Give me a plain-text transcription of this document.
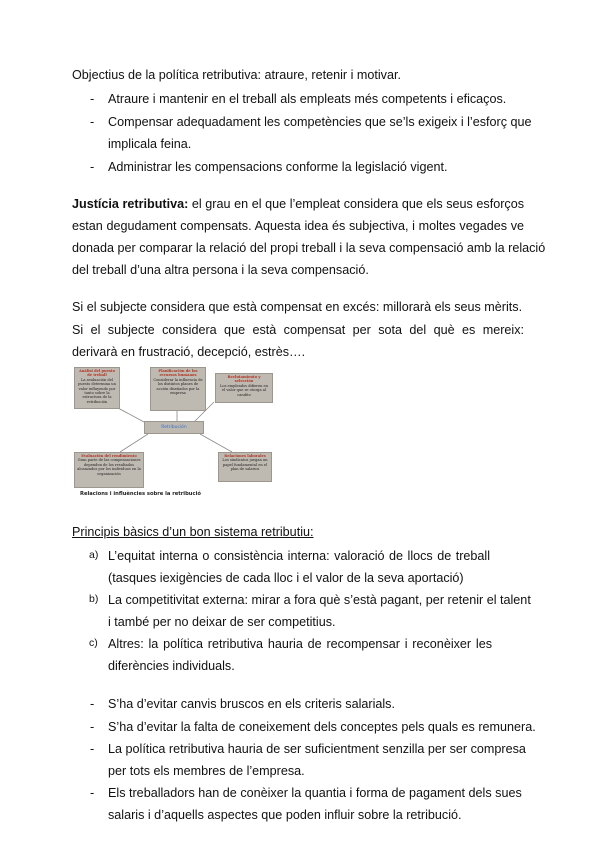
Objectius de la política retributiva: atraure, retenir i motivar.
- Atraure i mantenir en el treball als empleats més competents i eficaços.
- Compensar adequadament les competències que se’ls exigeix i l’esforç que
implicala feina.
- Administrar les compensacions conforme la legislació vigent.
Justícia retributiva: el grau en el que l’empleat considera que els seus esforços
estan degudament compensats. Aquesta idea és subjectiva, i moltes vegades ve
donada per comparar la relació del propi treball i la seva compensació amb la relació
del treball d’una altra persona i la seva compensació.
Si el subjecte considera que està compensat en excés: millorarà els seus mèrits.
Si el subjecte considera que està compensat per sota del què es mereix:
derivarà en frustració, decepció, estrès….
Anàlisi del puesto de treball
La avaluación del puesto determina un valor influyendo por tanto sobre la estructura de la retribución
Planificación de los recursos humanos
Considerar la influencia de los distintos planes de acción diseñados por la empresa
Reclutamiento y selección
Los empleados difieren en el valor que se otorga al candito
Retribución
Evaluación del rendimiento
Gran parte de las compensaciones dependen de los resultados alcanzados por los individuos en la organización
Relaciones laborales
Los sindicatos juegan un papel fundamental en el plan de salarios
Relacions i influències sobre la retribució
Principis bàsics d’un bon sistema retributiu:
a) L’equitat interna o consistència interna: valoració de llocs de treball
(tasques iexigències de cada lloc i el valor de la seva aportació)
b) La competitivitat externa: mirar a fora què s’està pagant, per retenir el talent
i també per no deixar de ser competitius.
c) Altres: la política retributiva hauria de recompensar i reconèixer les
diferències individuals.
- S’ha d’evitar canvis bruscos en els criteris salarials.
- S’ha d’evitar la falta de coneixement dels conceptes pels quals es remunera.
- La política retributiva hauria de ser suficientment senzilla per ser compresa
per tots els membres de l’empresa.
- Els treballadors han de conèixer la quantia i forma de pagament dels sues
salaris i d’aquells aspectes que poden influir sobre la retribució.
